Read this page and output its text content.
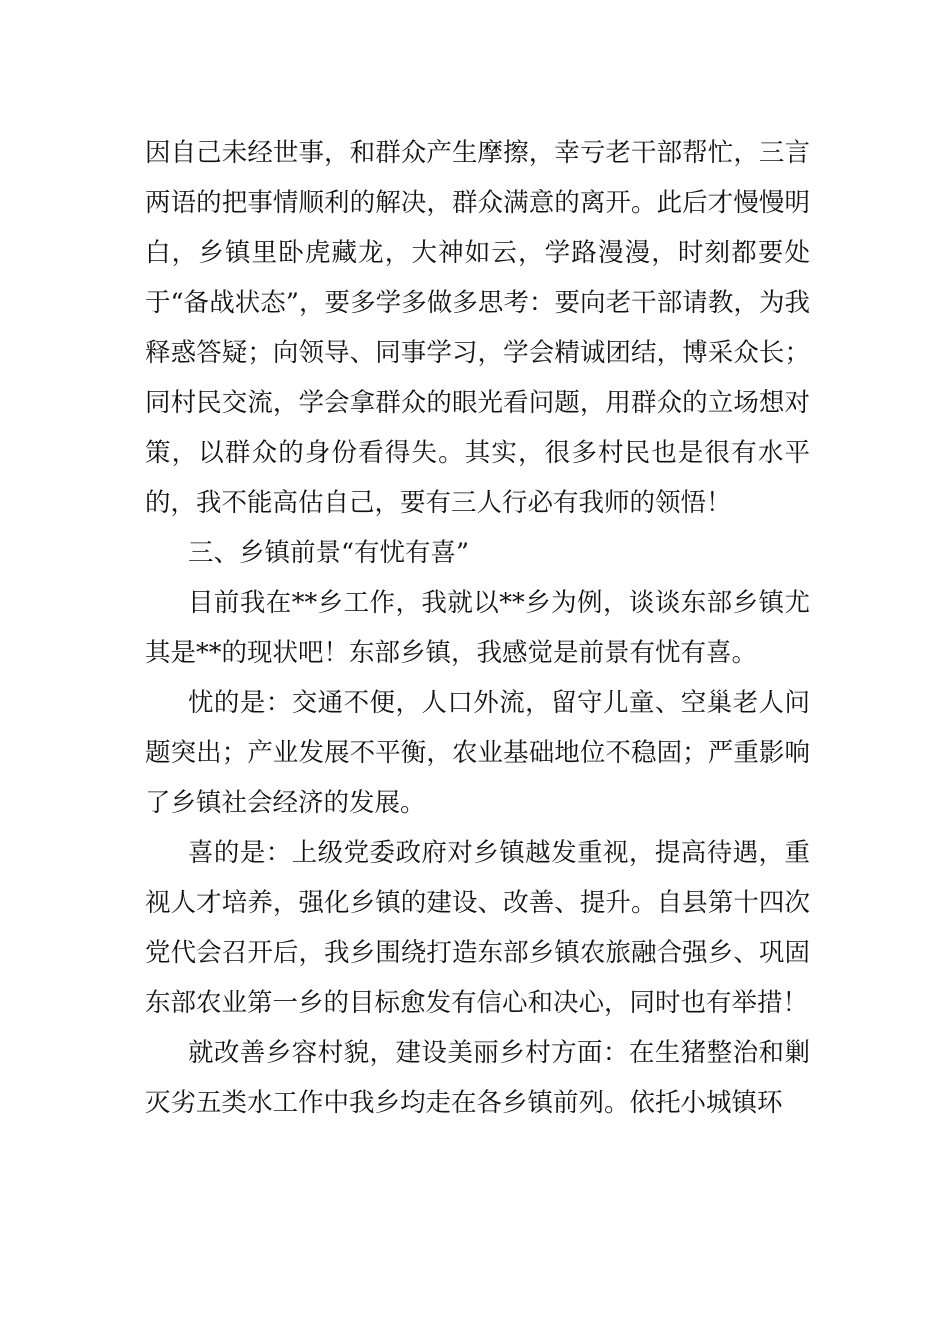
因自己未经世事，和群众产生摩擦，幸亏老干部帮忙，三言两语的把事情顺利的解决，群众满意的离开。此后才慢慢明白，乡镇里卧虎藏龙，大神如云，学路漫漫，时刻都要处于“备战状态”，要多学多做多思考：要向老干部请教，为我释惑答疑；向领导、同事学习，学会精诚团结，博采众长；同村民交流，学会拿群众的眼光看问题，用群众的立场想对策，以群众的身份看得失。其实，很多村民也是很有水平的，我不能高估自己，要有三人行必有我师的领悟！

三、乡镇前景“有忧有喜”

目前我在**乡工作，我就以**乡为例，谈谈东部乡镇尤其是**的现状吧！东部乡镇，我感觉是前景有忧有喜。

忧的是：交通不便，人口外流，留守儿童、空巢老人问题突出；产业发展不平衡，农业基础地位不稳固；严重影响了乡镇社会经济的发展。

喜的是：上级党委政府对乡镇越发重视，提高待遇，重视人才培养，强化乡镇的建设、改善、提升。自县第十四次党代会召开后，我乡围绕打造东部乡镇农旅融合强乡、巩固东部农业第一乡的目标愈发有信心和决心，同时也有举措！

就改善乡容村貌，建设美丽乡村方面：在生猪整治和剿灭劣五类水工作中我乡均走在各乡镇前列。依托小城镇环
